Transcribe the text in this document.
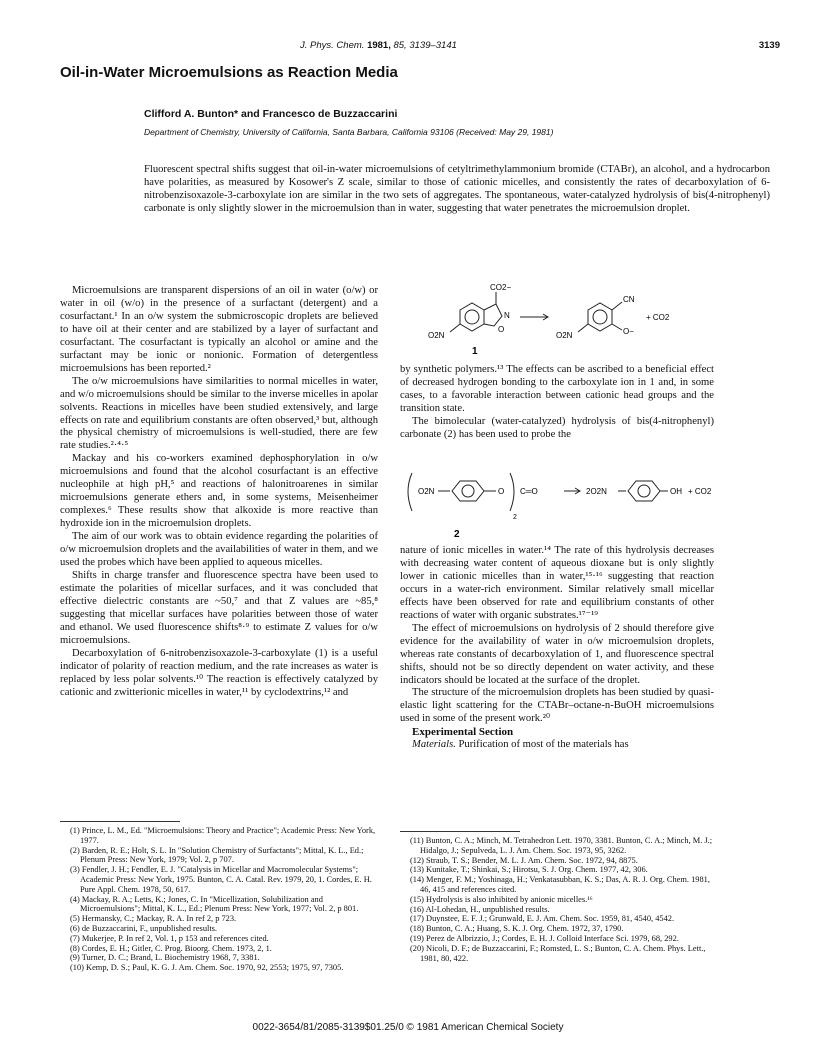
J. Phys. Chem. 1981, 85, 3139–3141	3139
Oil-in-Water Microemulsions as Reaction Media
Clifford A. Bunton* and Francesco de Buzzaccarini
Department of Chemistry, University of California, Santa Barbara, California 93106 (Received: May 29, 1981)
Fluorescent spectral shifts suggest that oil-in-water microemulsions of cetyltrimethylammonium bromide (CTABr), an alcohol, and a hydrocarbon have polarities, as measured by Kosower's Z scale, similar to those of cationic micelles, and consistently the rates of decarboxylation of 6-nitrobenzisoxazole-3-carboxylate ion are similar in the two sets of aggregates. The spontaneous, water-catalyzed hydrolysis of bis(4-nitrophenyl) carbonate is only slightly slower in the microemulsion than in water, suggesting that water penetrates the microemulsion droplet.

Microemulsions are transparent dispersions of an oil in water (o/w) or water in oil (w/o) in the presence of a surfactant (detergent) and a cosurfactant.¹ In an o/w system the submicroscopic droplets are believed to have oil at their center and are stabilized by a layer of surfactant and cosurfactant. The cosurfactant is typically an alcohol or amine and the surfactant may be ionic or nonionic. Formation of detergentless microemulsions has been reported.²

The o/w microemulsions have similarities to normal micelles in water, and w/o microemulsions should be similar to the inverse micelles in apolar solvents. Reactions in micelles have been studied extensively, and large effects on rate and equilibrium constants are often observed,³ but, although the physical chemistry of microemulsions is well-studied, there are few rate studies.²·⁴·⁵

Mackay and his co-workers examined dephosphorylation in o/w microemulsions and found that the alcohol cosurfactant is an effective nucleophile at high pH,⁵ and reactions of halonitroarenes in similar microemulsions generate ethers and, in some systems, Meisenheimer complexes.⁶ These results show that alkoxide is more reactive than hydroxide ion in the microemulsion droplets.

The aim of our work was to obtain evidence regarding the polarities of o/w microemulsion droplets and the availabilities of water in them, and we used the probes which have been applied to aqueous micelles.

Shifts in charge transfer and fluorescence spectra have been used to estimate the polarities of micellar surfaces, and it was concluded that effective dielectric constants are ~50,⁷ and that Z values are ~85,⁸ suggesting that micellar surfaces have polarities between those of water and ethanol. We used fluorescence shifts⁸·⁹ to estimate Z values for o/w microemulsions.

Decarboxylation of 6-nitrobenzisoxazole-3-carboxylate (1) is a useful indicator of polarity of reaction medium, and the rate increases as water is replaced by less polar solvents.¹⁰ The reaction is effectively catalyzed by cationic and zwitterionic micelles in water,¹¹ by cyclodextrins,¹² and

CO2−
O2N
N
O
CN
O−
O2N
+ CO2
1

by synthetic polymers.¹³ The effects can be ascribed to a beneficial effect of decreased hydrogen bonding to the carboxylate ion in 1 and, in some cases, to a favorable interaction between cationic head groups and the transition state.

The bimolecular (water-catalyzed) hydrolysis of bis(4-nitrophenyl) carbonate (2) has been used to probe the

O2N	O C═O
2
2O2N	OH + CO2
2

nature of ionic micelles in water.¹⁴ The rate of this hydrolysis decreases with decreasing water content of aqueous dioxane but is only slightly lower in cationic micelles than in water,¹⁵·¹⁶ suggesting that reaction occurs in a water-rich environment. Similar relatively small micellar effects have been observed for rate and equilibrium constants of other reactions of water with organic substrates.¹⁷⁻¹⁹

The effect of microemulsions on hydrolysis of 2 should therefore give evidence for the availability of water in o/w microemulsion droplets, whereas rate constants of decarboxylation of 1, and fluorescence spectral shifts, should not be so directly dependent on water activity, and these indicators should be located at the surface of the droplet.

The structure of the microemulsion droplets has been studied by quasi-elastic light scattering for the CTABr–octane-n-BuOH microemulsions used in some of the present work.²⁰

Experimental Section

Materials. Purification of most of the materials has

(1) Prince, L. M., Ed. "Microemulsions: Theory and Practice"; Academic Press: New York, 1977.
(2) Barden, R. E.; Holt, S. L. In "Solution Chemistry of Surfactants"; Mittal, K. L., Ed.; Plenum Press: New York, 1979; Vol. 2, p 707.
(3) Fendler, J. H.; Fendler, E. J. "Catalysis in Micellar and Macromolecular Systems"; Academic Press: New York, 1975. Bunton, C. A. Catal. Rev. 1979, 20, 1. Cordes, E. H. Pure Appl. Chem. 1978, 50, 617.
(4) Mackay, R. A.; Letts, K.; Jones, C. In "Micellization, Solubilization and Microemulsions"; Mittal, K. L., Ed.; Plenum Press: New York, 1977; Vol. 2, p 801.
(5) Hermansky, C.; Mackay, R. A. In ref 2, p 723.
(6) de Buzzaccarini, F., unpublished results.
(7) Mukerjee, P. In ref 2, Vol. 1, p 153 and references cited.
(8) Cordes, E. H.; Gitler, C. Prog. Bioorg. Chem. 1973, 2, 1.
(9) Turner, D. C.; Brand, L. Biochemistry 1968, 7, 3381.
(10) Kemp, D. S.; Paul, K. G. J. Am. Chem. Soc. 1970, 92, 2553; 1975, 97, 7305.
(11) Bunton, C. A.; Minch, M. Tetrahedron Lett. 1970, 3381. Bunton, C. A.; Minch, M. J.; Hidalgo, J.; Sepulveda, L. J. Am. Chem. Soc. 1973, 95, 3262.
(12) Straub, T. S.; Bender, M. L. J. Am. Chem. Soc. 1972, 94, 8875.
(13) Kunitake, T.; Shinkai, S.; Hirotsu, S. J. Org. Chem. 1977, 42, 306.
(14) Menger, F. M.; Yoshinaga, H.; Venkatasubban, K. S.; Das, A. R. J. Org. Chem. 1981, 46, 415 and references cited.
(15) Hydrolysis is also inhibited by anionic micelles.¹⁶
(16) Al-Lohedan, H., unpublished results.
(17) Duynstee, E. F. J.; Grunwald, E. J. Am. Chem. Soc. 1959, 81, 4540, 4542.
(18) Bunton, C. A.; Huang, S. K. J. Org. Chem. 1972, 37, 1790.
(19) Perez de Albrizzio, J.; Cordes, E. H. J. Colloid Interface Sci. 1979, 68, 292.
(20) Nicoli, D. F.; de Buzzaccarini, F.; Romsted, L. S.; Bunton, C. A. Chem. Phys. Lett., 1981, 80, 422.
0022-3654/81/2085-3139$01.25/0 © 1981 American Chemical Society
